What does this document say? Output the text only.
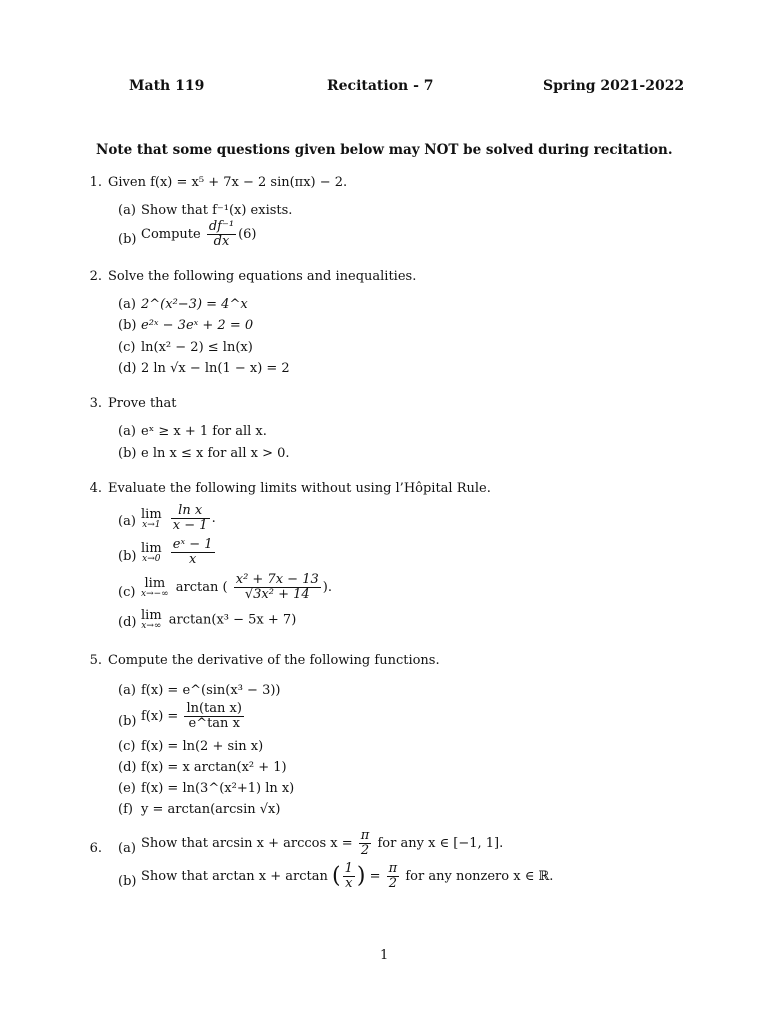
Math 119	Recitation - 7	Spring 2021-2022
Note that some questions given below may NOT be solved during recitation.
1. Given f(x) = x⁵ + 7x − 2 sin(πx) − 2.
(a) Show that f⁻¹(x) exists.
(b) Compute $\frac{\text{df⁻¹}}{dx} (6)$
2. Solve the following equations and inequalities.
(a) 2^(x²−3) = 4^x
(b) e²ˣ − 3eˣ + 2 = 0
(c) ln(x² − 2) ≤ ln(x)
(d) 2 ln √x − ln(1 − x) = 2
3. Prove that
(a) eˣ ≥ x + 1 for all x.
(b) e ln x ≤ x for all x > 0.
4. Evaluate the following limits without using l’Hôpital Rule.
(a) lim
x→1
$\frac{\text{ln x}}{x - 1}$ .
(b)
lim
x→0
$\frac{\text{eˣ − 1}}{x}$
(c)
lim
x→−∞ arctan ( $\frac{\text{x² + 7x − 13}}{\text{√3x² + 14}}$ ).
(d) lim
x→∞ arctan(x³ − 5x + 7)
5. Compute the derivative of the following functions.
(a) f(x) = e^(sin(x³ − 3))
(b) $f(x) = \frac{\text{ln(tan x)}}{\text{e\textasciicircum{}tan x}}$
(c) f(x) = ln(2 + sin x)
(d) f(x) = x arctan(x² + 1)
(e) f(x) = ln(3^(x²+1) ln x)
(f) y = arctan(arcsin √x)
6. (a) Show that $\arcsin x + \arccos x = \frac{\pi}{2}$ for any x ∈ [−1, 1].
(b) Show that arctan x + arctan ( $\frac{1}{x}$ ) = $\frac{\pi}{2}$ for any nonzero x ∈ ℝ.
1
